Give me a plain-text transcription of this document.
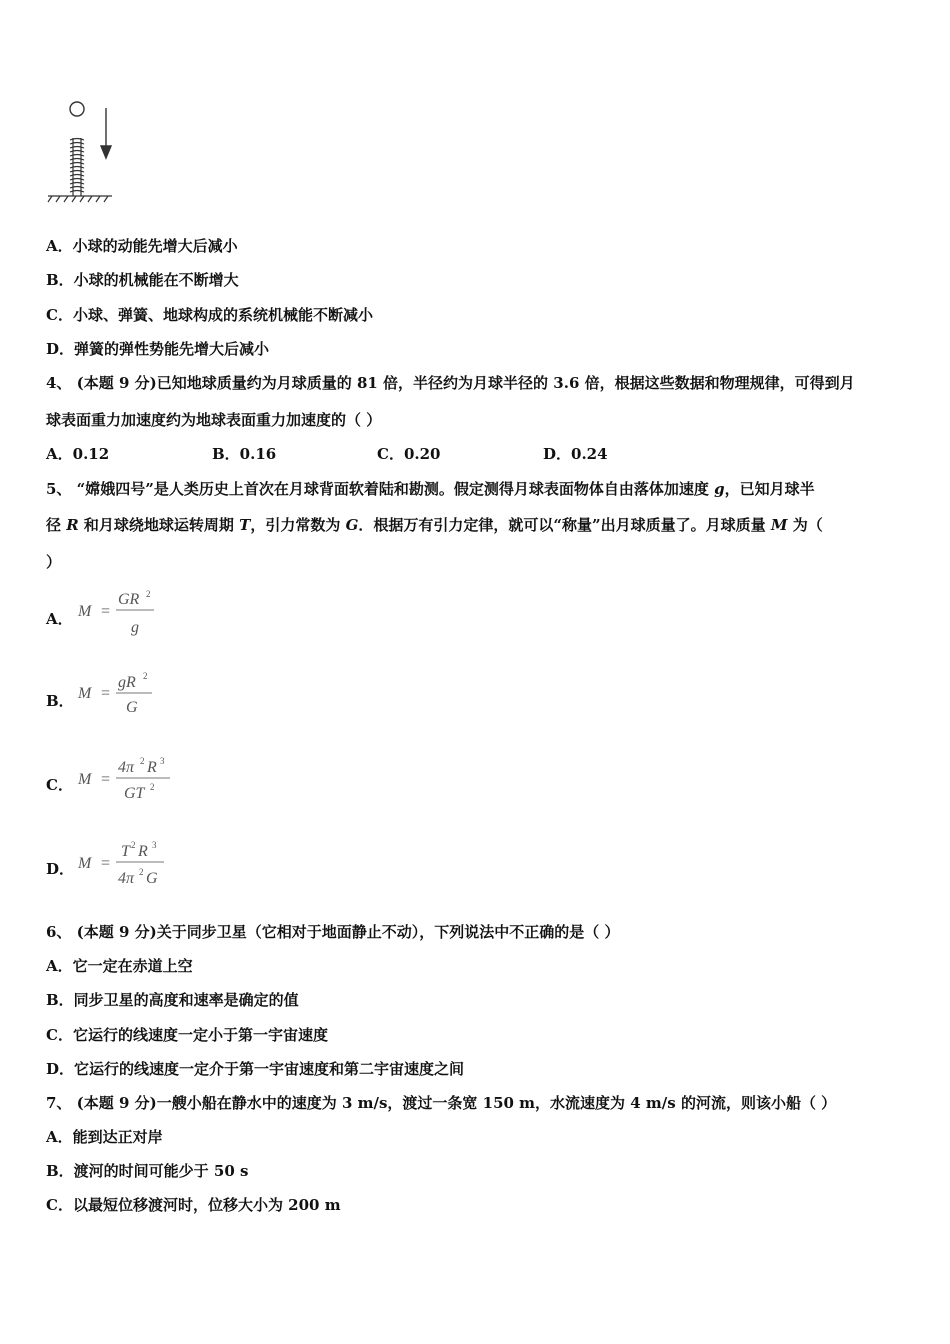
A．小球的动能先增大后减小
B．小球的机械能在不断增大
C．小球、弹簧、地球构成的系统机械能不断减小
D．弹簧的弹性势能先增大后减小
4、 (本题 9 分)已知地球质量约为月球质量的 81 倍，半径约为月球半径的 3.6 倍，根据这些数据和物理规律，可得到月
球表面重力加速度约为地球表面重力加速度的（ ）
A．0.12	B．0.16	C．0.20	D．0.24
5、 “嫦娥四号”是人类历史上首次在月球背面软着陆和勘测。假定测得月球表面物体自由落体加速度 g，已知月球半
径 R 和月球绕地球运转周期 T，引力常数为 G．根据万有引力定律，就可以“称量”出月球质量了。月球质量 M 为（
）
A． M =
GR 2
g
B． M =
gR 2
G
C． M =
4π 2 R 3
GT 2
D． M =
T 2 R 3
4π 2 G
6、 (本题 9 分)关于同步卫星（它相对于地面静止不动），下列说法中不正确的是（ ）
A．它一定在赤道上空
B．同步卫星的高度和速率是确定的值
C．它运行的线速度一定小于第一宇宙速度
D．它运行的线速度一定介于第一宇宙速度和第二宇宙速度之间
7、 (本题 9 分)一艘小船在静水中的速度为 3 m/s，渡过一条宽 150 m，水流速度为 4 m/s 的河流，则该小船（ ）
A．能到达正对岸
B．渡河的时间可能少于 50 s
C．以最短位移渡河时，位移大小为 200 m
